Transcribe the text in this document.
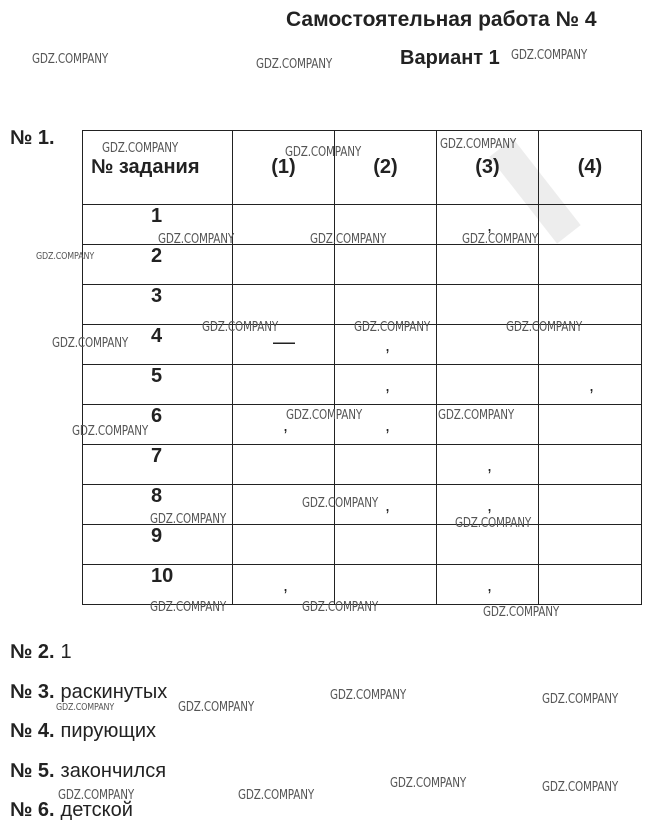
Самостоятельная работа № 4
Вариант 1
№ 1.
№ задания	(1)	(2)	(3)	(4)
1			,	

2				
3				
4	—	,		

5		,		,

6	,	,		

7			,	

8		,	,	

9				
10	,		,	

№ 2. 1
№ 3. раскинутых
№ 4. пирующих
№ 5. закончился
№ 6. детской
GDZ.COMPANY	GDZ.COMPANY
GDZ.COMPANY
GDZ.COMPANY	GDZ.COMPANY
GDZ.COMPANY
GDZ.COMPANY	GDZ.COMPANY	GDZ.COMPANY
GDZ.COMPANY
GDZ.COMPANY	GDZ.COMPANY	GDZ.COMPANY
GDZ.COMPANY
GDZ.COMPANY	GDZ.COMPANY
GDZ.COMPANY
GDZ.COMPANY
GDZ.COMPANY	GDZ.COMPANY
GDZ.COMPANY	GDZ.COMPANY	GDZ.COMPANY
GDZ.COMPANY	GDZ.COMPANY
GDZ.COMPANY	GDZ.COMPANY
GDZ.COMPANY	GDZ.COMPANY
GDZ.COMPANY	GDZ.COMPANY
